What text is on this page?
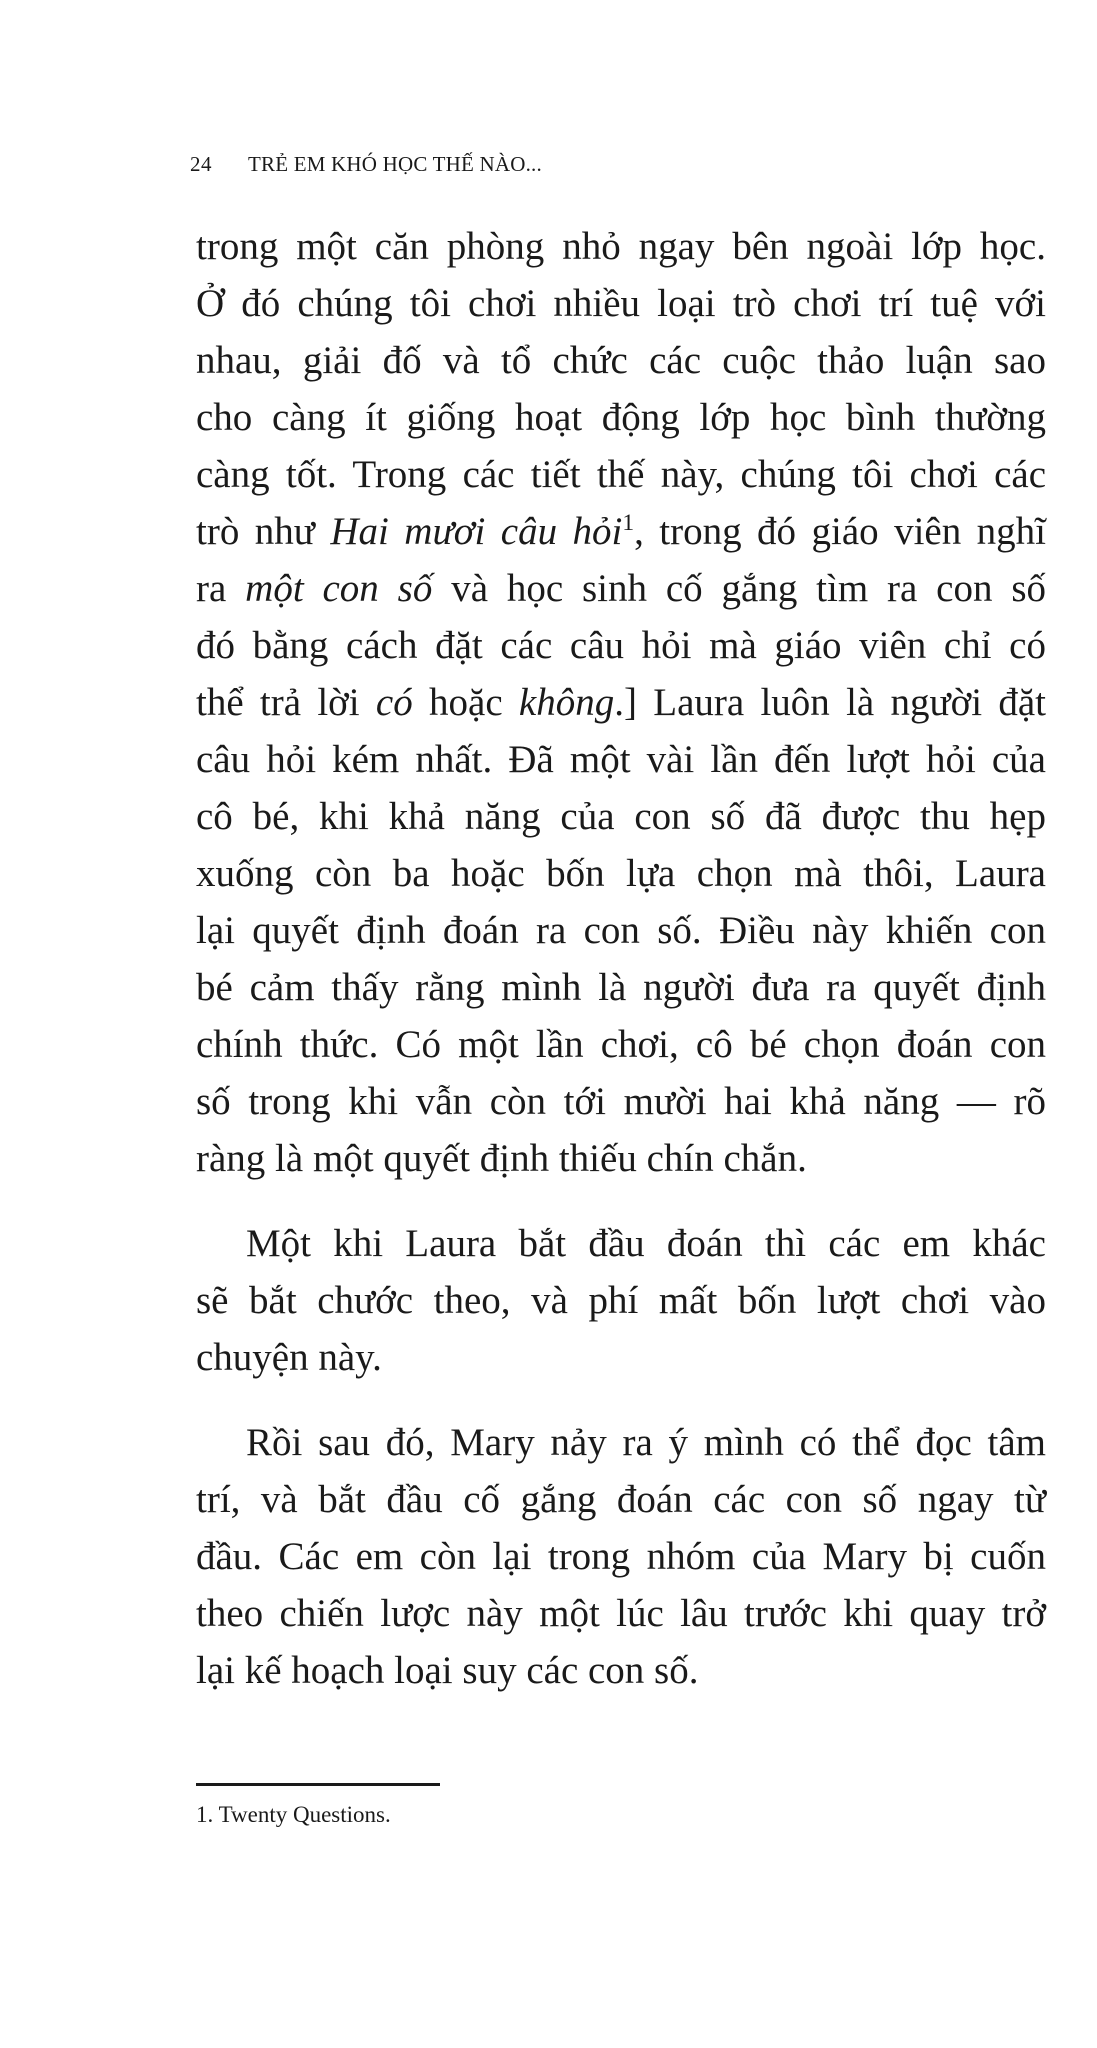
24 TRẺ EM KHÓ HỌC THẾ NÀO...
trong một căn phòng nhỏ ngay bên ngoài lớp học.
Ở đó chúng tôi chơi nhiều loại trò chơi trí tuệ với
nhau, giải đố và tổ chức các cuộc thảo luận sao
cho càng ít giống hoạt động lớp học bình thường
càng tốt. Trong các tiết thế này, chúng tôi chơi các
trò như Hai mươi câu hỏi$^1$, trong đó giáo viên nghĩ
ra một con số và học sinh cố gắng tìm ra con số
đó bằng cách đặt các câu hỏi mà giáo viên chỉ có
thể trả lời có hoặc không.] Laura luôn là người đặt
câu hỏi kém nhất. Đã một vài lần đến lượt hỏi của
cô bé, khi khả năng của con số đã được thu hẹp
xuống còn ba hoặc bốn lựa chọn mà thôi, Laura
lại quyết định đoán ra con số. Điều này khiến con
bé cảm thấy rằng mình là người đưa ra quyết định
chính thức. Có một lần chơi, cô bé chọn đoán con
số trong khi vẫn còn tới mười hai khả năng — rõ
ràng là một quyết định thiếu chín chắn.
Một khi Laura bắt đầu đoán thì các em khác
sẽ bắt chước theo, và phí mất bốn lượt chơi vào
chuyện này.
Rồi sau đó, Mary nảy ra ý mình có thể đọc tâm
trí, và bắt đầu cố gắng đoán các con số ngay từ
đầu. Các em còn lại trong nhóm của Mary bị cuốn
theo chiến lược này một lúc lâu trước khi quay trở
lại kế hoạch loại suy các con số.
1. Twenty Questions.
